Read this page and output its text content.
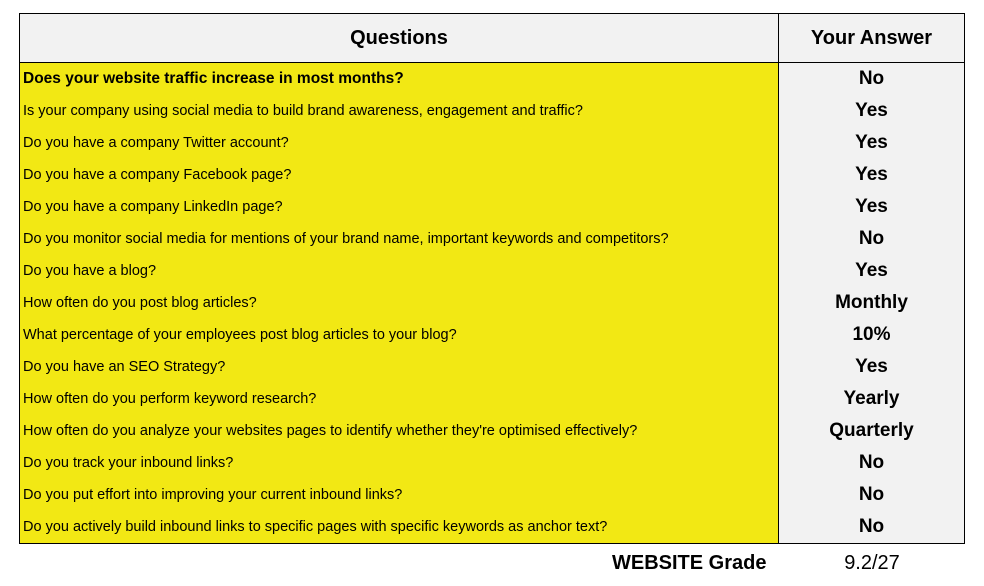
Questions	Your Answer
Does your website traffic increase in most months?	No
Is your company using social media to build brand awareness, engagement and traffic?	Yes
Do you have a company Twitter account?	Yes
Do you have a company Facebook page?	Yes
Do you have a company LinkedIn page?	Yes
Do you monitor social media for mentions of your brand name, important keywords and competitors?	No
Do you have a blog?	Yes
How often do you post blog articles?	Monthly
What percentage of your employees post blog articles to your blog?	10%
Do you have an SEO Strategy?	Yes
How often do you perform keyword research?	Yearly
How often do you analyze your websites pages to identify whether they're optimised effectively?	Quarterly
Do you track your inbound links?	No
Do you put effort into improving your current inbound links?	No
Do you actively build inbound links to specific pages with specific keywords as anchor text?	No
WEBSITE Grade	9.2/27
